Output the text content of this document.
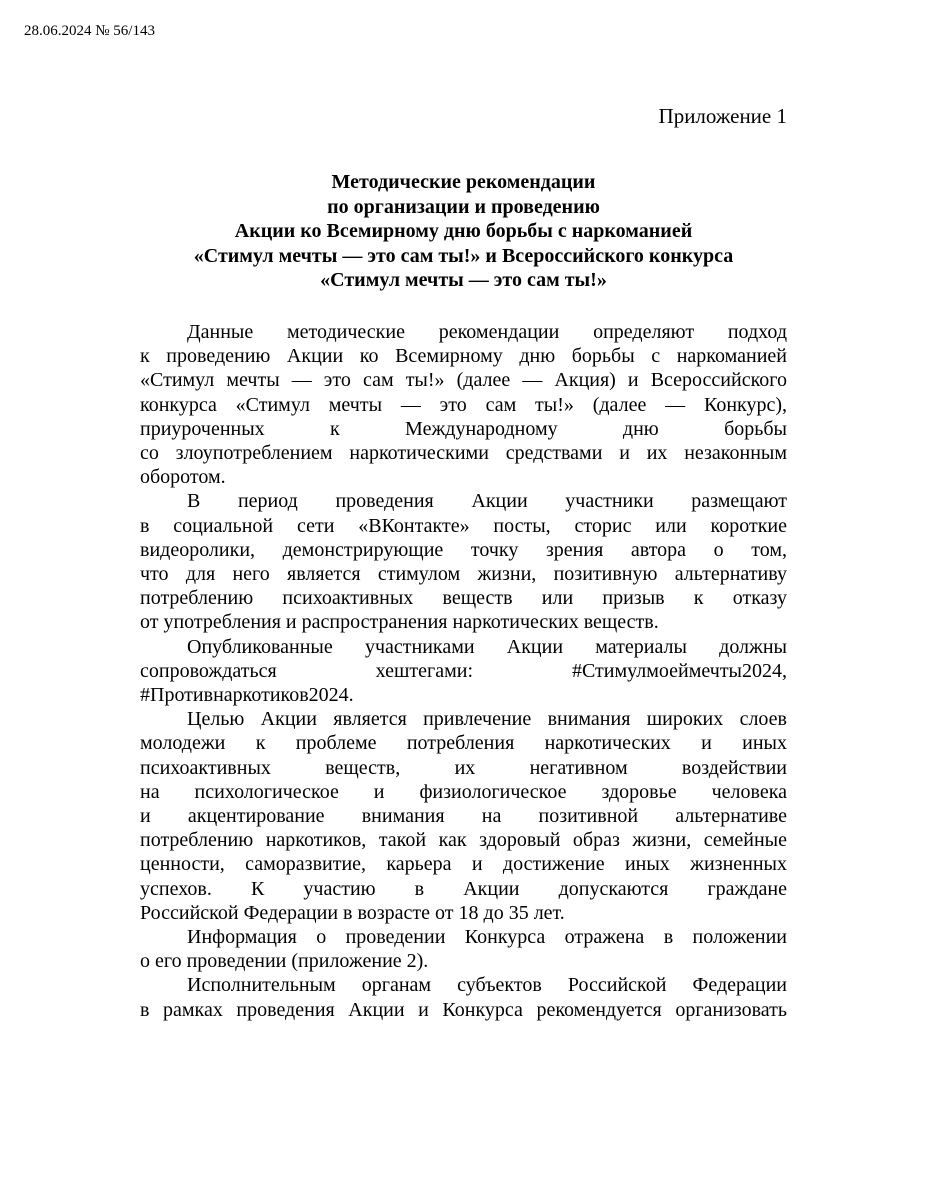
28.06.2024 № 56/143
Приложение 1
Методические рекомендации
по организации и проведению
Акции ко Всемирному дню борьбы с наркоманией
«Стимул мечты — это сам ты!» и Всероссийского конкурса
«Стимул мечты — это сам ты!»
Данные методические рекомендации определяют подход
к проведению Акции ко Всемирному дню борьбы с наркоманией
«Стимул мечты — это сам ты!» (далее — Акция) и Всероссийского
конкурса «Стимул мечты — это сам ты!» (далее — Конкурс),
приуроченных к Международному дню борьбы
со злоупотреблением наркотическими средствами и их незаконным
оборотом.
В период проведения Акции участники размещают
в социальной сети «ВКонтакте» посты, сторис или короткие
видеоролики, демонстрирующие точку зрения автора о том,
что для него является стимулом жизни, позитивную альтернативу
потреблению психоактивных веществ или призыв к отказу
от употребления и распространения наркотических веществ.
Опубликованные участниками Акции материалы должны
сопровождаться хештегами: #Стимулмоеймечты2024,
#Противнаркотиков2024.
Целью Акции является привлечение внимания широких слоев
молодежи к проблеме потребления наркотических и иных
психоактивных веществ, их негативном воздействии
на психологическое и физиологическое здоровье человека
и акцентирование внимания на позитивной альтернативе
потреблению наркотиков, такой как здоровый образ жизни, семейные
ценности, саморазвитие, карьера и достижение иных жизненных
успехов. К участию в Акции допускаются граждане
Российской Федерации в возрасте от 18 до 35 лет.
Информация о проведении Конкурса отражена в положении
о его проведении (приложение 2).
Исполнительным органам субъектов Российской Федерации
в рамках проведения Акции и Конкурса рекомендуется организовать
